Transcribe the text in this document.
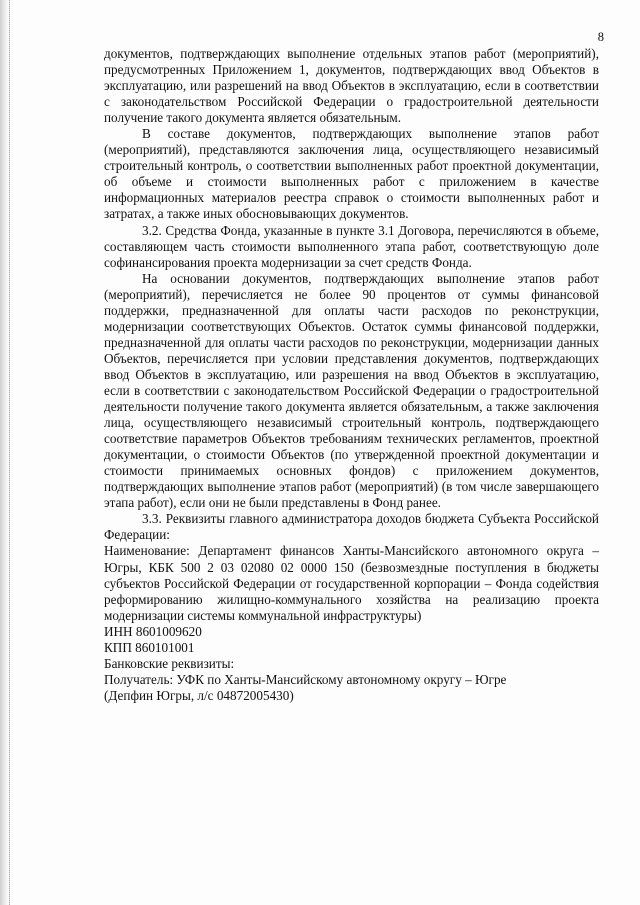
8

документов, подтверждающих выполнение отдельных этапов работ (мероприятий), предусмотренных Приложением 1, документов, подтверждающих ввод Объектов в эксплуатацию, или разрешений на ввод Объектов в эксплуатацию, если в соответствии с законодательством Российской Федерации о градостроительной деятельности получение такого документа является обязательным.

В составе документов, подтверждающих выполнение этапов работ (мероприятий), представляются заключения лица, осуществляющего независимый строительный контроль, о соответствии выполненных работ проектной документации, об объеме и стоимости выполненных работ с приложением в качестве информационных материалов реестра справок о стоимости выполненных работ и затратах, а также иных обосновывающих документов.

3.2. Средства Фонда, указанные в пункте 3.1 Договора, перечисляются в объеме, составляющем часть стоимости выполненного этапа работ, соответствующую доле софинансирования проекта модернизации за счет средств Фонда.

На основании документов, подтверждающих выполнение этапов работ (мероприятий), перечисляется не более 90 процентов от суммы финансовой поддержки, предназначенной для оплаты части расходов по реконструкции, модернизации соответствующих Объектов. Остаток суммы финансовой поддержки, предназначенной для оплаты части расходов по реконструкции, модернизации данных Объектов, перечисляется при условии представления документов, подтверждающих ввод Объектов в эксплуатацию, или разрешения на ввод Объектов в эксплуатацию, если в соответствии с законодательством Российской Федерации о градостроительной деятельности получение такого документа является обязательным, а также заключения лица, осуществляющего независимый строительный контроль, подтверждающего соответствие параметров Объектов требованиям технических регламентов, проектной документации, о стоимости Объектов (по утвержденной проектной документации и стоимости принимаемых основных фондов) с приложением документов, подтверждающих выполнение этапов работ (мероприятий) (в том числе завершающего этапа работ), если они не были представлены в Фонд ранее.

3.3. Реквизиты главного администратора доходов бюджета Субъекта Российской Федерации:

Наименование: Департамент финансов Ханты-Мансийского автономного округа – Югры, КБК 500 2 03 02080 02 0000 150 (безвозмездные поступления в бюджеты субъектов Российской Федерации от государственной корпорации – Фонда содействия реформированию жилищно-коммунального хозяйства на реализацию проекта модернизации системы коммунальной инфраструктуры)

ИНН 8601009620

КПП 860101001

Банковские реквизиты:

Получатель: УФК по Ханты-Мансийскому автономному округу – Югре

(Депфин Югры, л/с 04872005430)
